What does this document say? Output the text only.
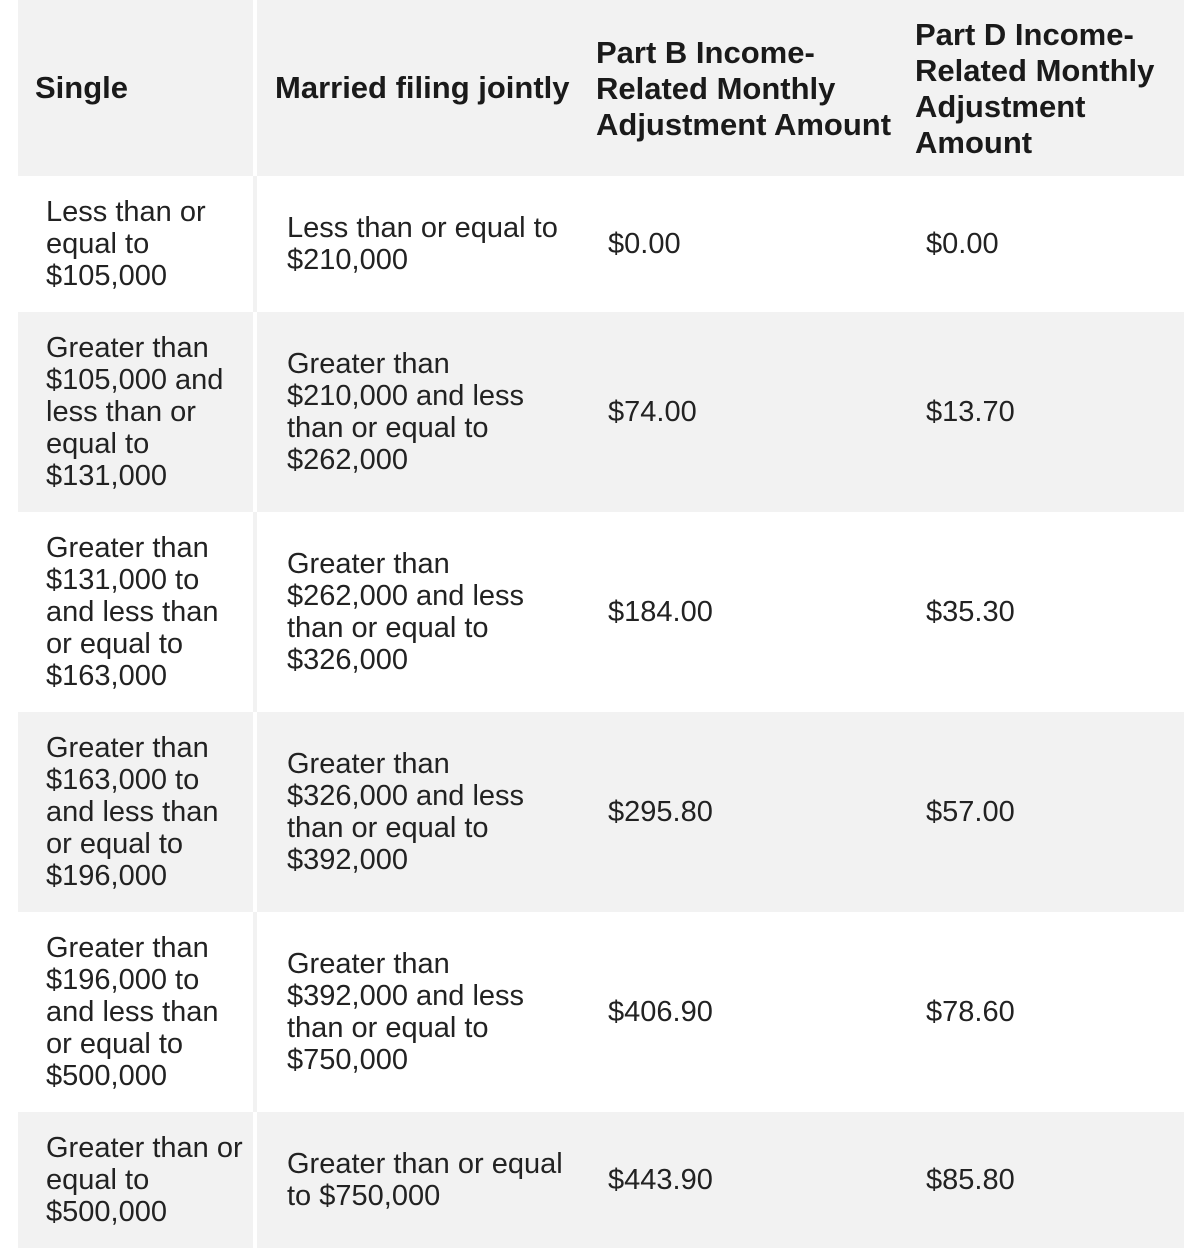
Single	Married filing jointly	Part B Income-Related Monthly Adjustment Amount	Part D Income-Related Monthly Adjustment Amount
Less than or equal to $105,000	Less than or equal to $210,000	$0.00	$0.00
Greater than $105,000 and less than or equal to $131,000	Greater than $210,000 and less than or equal to $262,000	$74.00	$13.70
Greater than $131,000 to and less than or equal to $163,000	Greater than $262,000 and less than or equal to $326,000	$184.00	$35.30
Greater than $163,000 to and less than or equal to $196,000	Greater than $326,000 and less than or equal to $392,000	$295.80	$57.00
Greater than $196,000 to and less than or equal to $500,000	Greater than $392,000 and less than or equal to $750,000	$406.90	$78.60
Greater than or equal to $500,000	Greater than or equal to $750,000	$443.90	$85.80
